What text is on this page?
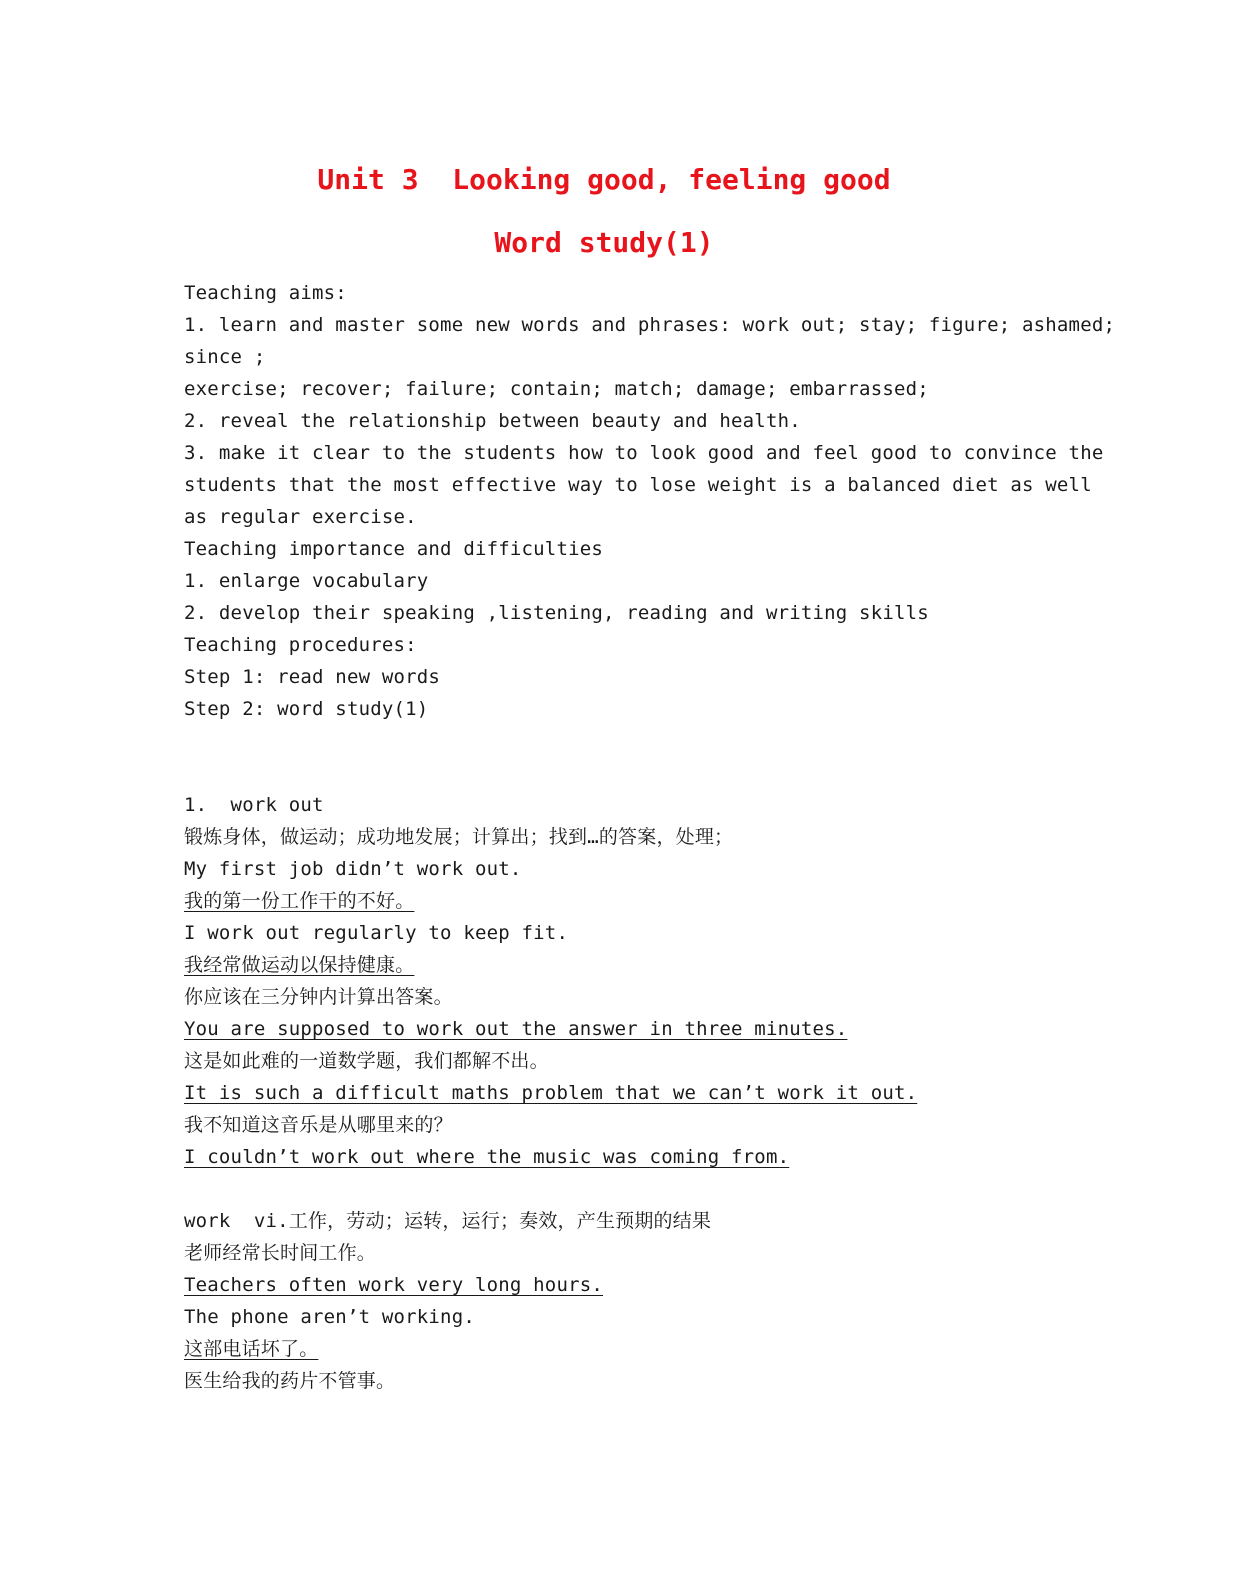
Unit 3  Looking good, feeling good
Word study(1)
Teaching aims:
1. learn and master some new words and phrases: work out; stay; figure; ashamed;
since ;
exercise; recover; failure; contain; match; damage; embarrassed;
2. reveal the relationship between beauty and health.
3. make it clear to the students how to look good and feel good to convince the
students that the most effective way to lose weight is a balanced diet as well
as regular exercise.
Teaching importance and difficulties
1. enlarge vocabulary
2. develop their speaking ,listening, reading and writing skills
Teaching procedures:
Step 1: read new words
Step 2: word study(1)
1.  work out
锻炼身体，做运动；成功地发展；计算出；找到…的答案，处理；
My first job didn’t work out.
我的第一份工作干的不好。
I work out regularly to keep fit.
我经常做运动以保持健康。
你应该在三分钟内计算出答案。
You are supposed to work out the answer in three minutes.
这是如此难的一道数学题，我们都解不出。
It is such a difficult maths problem that we can’t work it out.
我不知道这音乐是从哪里来的？
I couldn’t work out where the music was coming from.
work  vi.工作，劳动；运转，运行；奏效，产生预期的结果
老师经常长时间工作。
Teachers often work very long hours.
The phone aren’t working.
这部电话坏了。
医生给我的药片不管事。
